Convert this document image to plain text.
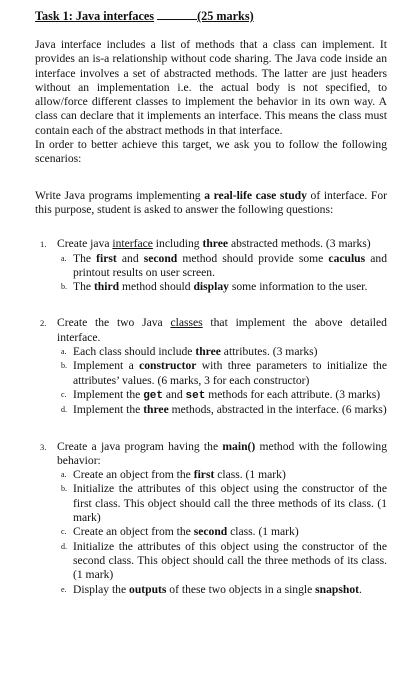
Task 1: Java interfaces	(25 marks)
Java interface includes a list of methods that a class can implement. It provides an is-a relationship without code sharing. The Java code inside an interface involves a set of abstracted methods. The latter are just headers without an implementation i.e. the actual body is not specified, to allow/force different classes to implement the behavior in its own way. A class can declare that it implements an interface. This means the class must contain each of the abstract methods in that interface.
In order to better achieve this target, we ask you to follow the following scenarios:
Write Java programs implementing a real-life case study of interface. For this purpose, student is asked to answer the following questions:
1. Create java interface including three abstracted methods. (3 marks)
a. The first and second method should provide some caculus and printout results on user screen.
b. The third method should display some information to the user.
2. Create the two Java classes that implement the above detailed interface.
a. Each class should include three attributes. (3 marks)
b. Implement a constructor with three parameters to initialize the attributes’ values. (6 marks, 3 for each constructor)
c. Implement the get and set methods for each attribute. (3 marks)
d. Implement the three methods, abstracted in the interface. (6 marks)
3. Create a java program having the main() method with the following behavior:
a. Create an object from the first class. (1 mark)
b. Initialize the attributes of this object using the constructor of the first class. This object should call the three methods of its class. (1 mark)
c. Create an object from the second class. (1 mark)
d. Initialize the attributes of this object using the constructor of the second class. This object should call the three methods of its class. (1 mark)
e. Display the outputs of these two objects in a single snapshot.
